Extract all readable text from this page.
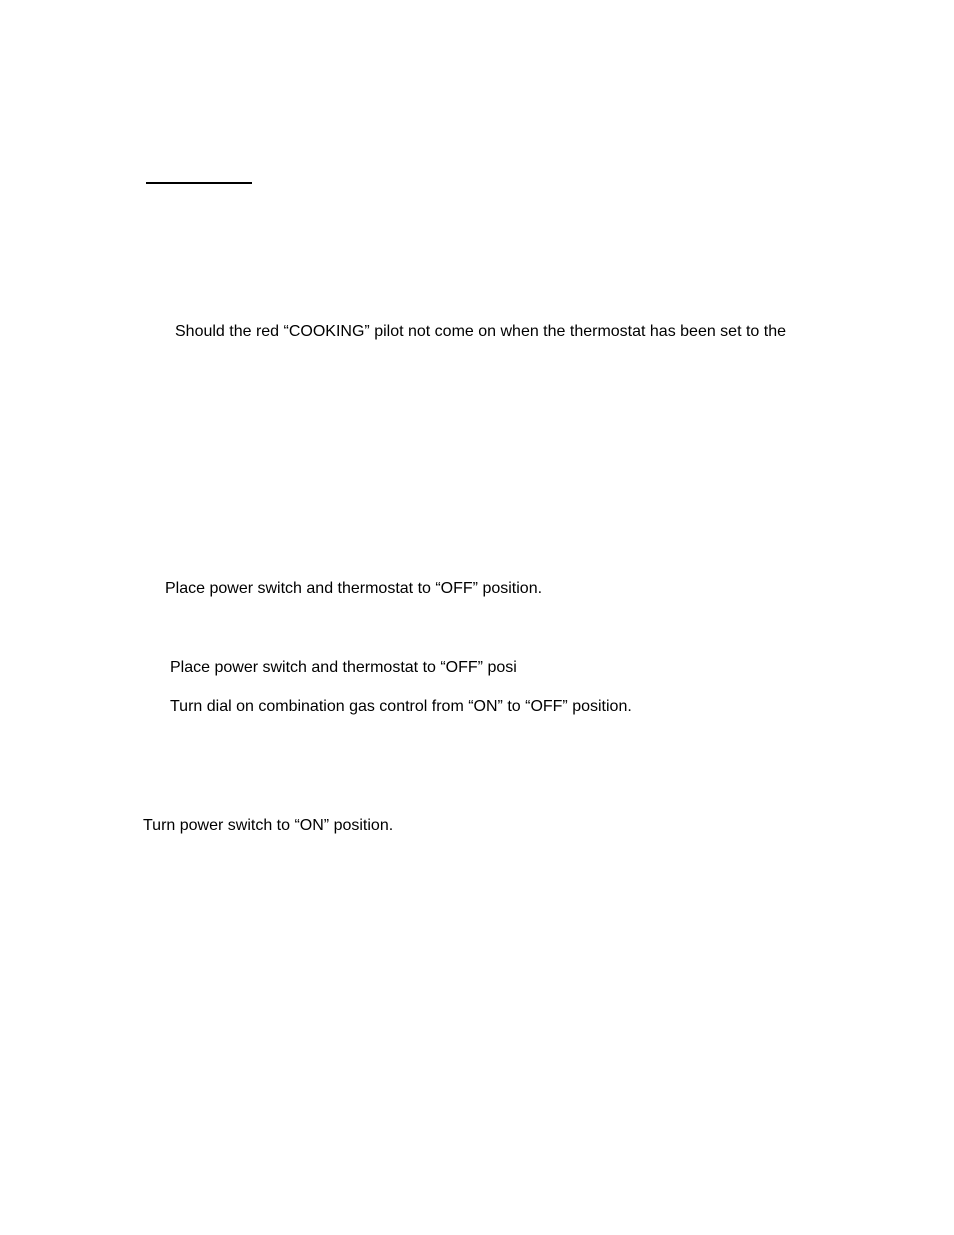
Should the red “COOKING” pilot not come on when the thermostat has been set to the
Place power switch and thermostat to “OFF” position.
Place power switch and thermostat to “OFF” posi
Turn dial on combination gas control from “ON” to “OFF” position.
Turn power switch to “ON” position.
